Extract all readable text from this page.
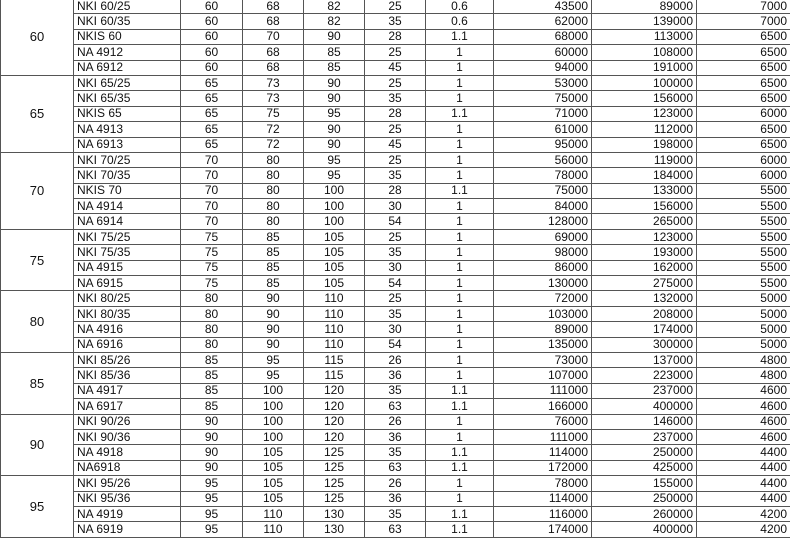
60	NKI 60/25	60	68	82	25	0.6	43500	89000	7000
	NKI 60/35	60	68	82	35	0.6	62000	139000	7000
	NKIS 60	60	70	90	28	1.1	68000	113000	6500
	NA 4912	60	68	85	25	1	60000	108000	6500
	NA 6912	60	68	85	45	1	94000	191000	6500
65	NKI 65/25	65	73	90	25	1	53000	100000	6500
	NKI 65/35	65	73	90	35	1	75000	156000	6500
	NKIS 65	65	75	95	28	1.1	71000	123000	6000
	NA 4913	65	72	90	25	1	61000	112000	6500
	NA 6913	65	72	90	45	1	95000	198000	6500
70	NKI 70/25	70	80	95	25	1	56000	119000	6000
	NKI 70/35	70	80	95	35	1	78000	184000	6000
	NKIS 70	70	80	100	28	1.1	75000	133000	5500
	NA 4914	70	80	100	30	1	84000	156000	5500
	NA 6914	70	80	100	54	1	128000	265000	5500
75	NKI 75/25	75	85	105	25	1	69000	123000	5500
	NKI 75/35	75	85	105	35	1	98000	193000	5500
	NA 4915	75	85	105	30	1	86000	162000	5500
	NA 6915	75	85	105	54	1	130000	275000	5500
80	NKI 80/25	80	90	110	25	1	72000	132000	5000
	NKI 80/35	80	90	110	35	1	103000	208000	5000
	NA 4916	80	90	110	30	1	89000	174000	5000
	NA 6916	80	90	110	54	1	135000	300000	5000
85	NKI 85/26	85	95	115	26	1	73000	137000	4800
	NKI 85/36	85	95	115	36	1	107000	223000	4800
	NA 4917	85	100	120	35	1.1	111000	237000	4600
	NA 6917	85	100	120	63	1.1	166000	400000	4600
90	NKI 90/26	90	100	120	26	1	76000	146000	4600
	NKI 90/36	90	100	120	36	1	111000	237000	4600
	NA 4918	90	105	125	35	1.1	114000	250000	4400
	NA6918	90	105	125	63	1.1	172000	425000	4400
95	NKI 95/26	95	105	125	26	1	78000	155000	4400
	NKI 95/36	95	105	125	36	1	114000	250000	4400
	NA 4919	95	110	130	35	1.1	116000	260000	4200
	NA 6919	95	110	130	63	1.1	174000	400000	4200
